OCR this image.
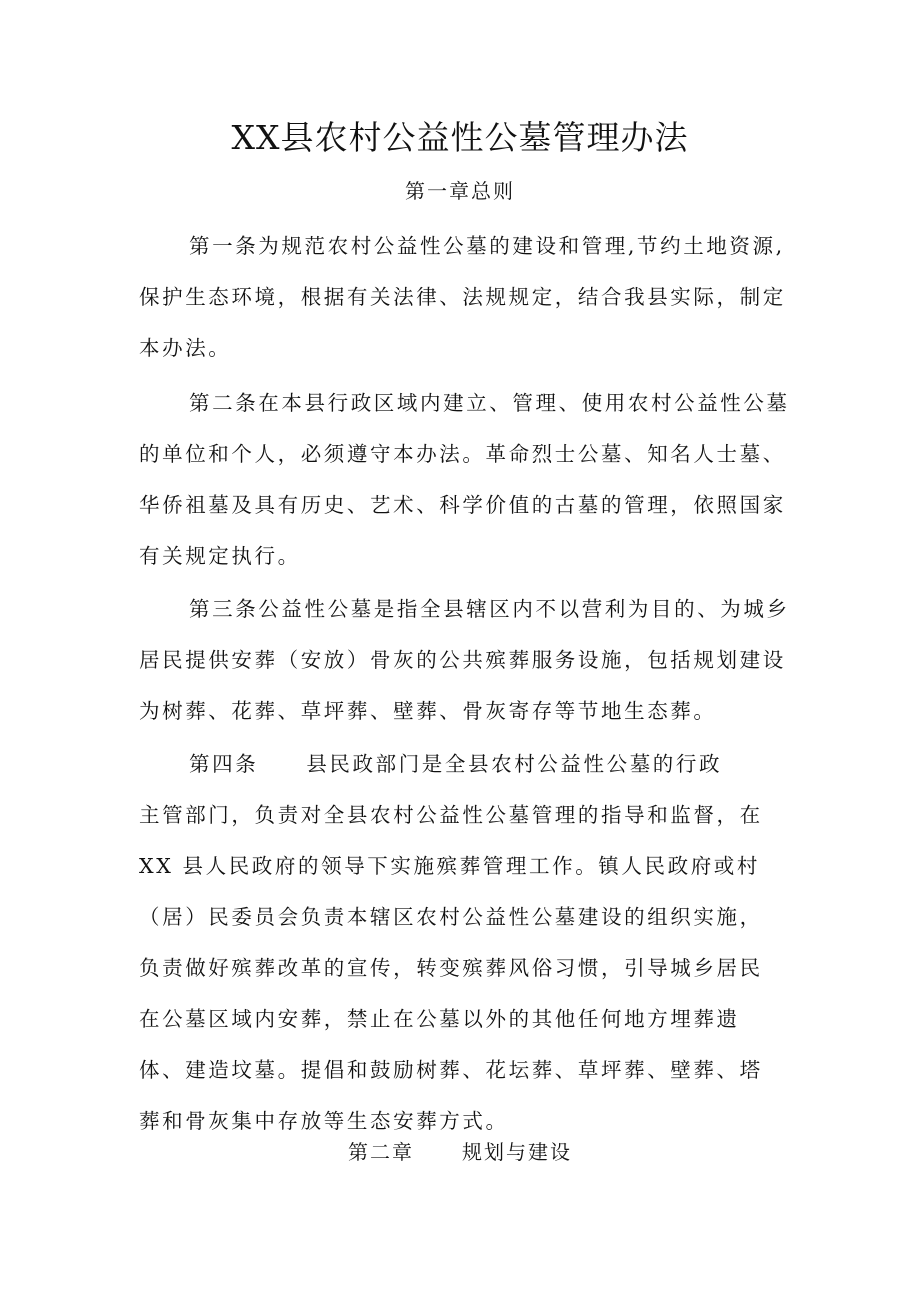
XX县农村公益性公墓管理办法
第一章总则
第一条为规范农村公益性公墓的建设和管理,节约土地资源,
保护生态环境，根据有关法律、法规规定，结合我县实际，制定
本办法。
第二条在本县行政区域内建立、管理、使用农村公益性公墓
的单位和个人，必须遵守本办法。革命烈士公墓、知名人士墓、
华侨祖墓及具有历史、艺术、科学价值的古墓的管理，依照国家
有关规定执行。
第三条公益性公墓是指全县辖区内不以营利为目的、为城乡
居民提供安葬（安放）骨灰的公共殡葬服务设施，包括规划建设
为树葬、花葬、草坪葬、壁葬、骨灰寄存等节地生态葬。
第四条 县民政部门是全县农村公益性公墓的行政
主管部门，负责对全县农村公益性公墓管理的指导和监督，在
XX 县人民政府的领导下实施殡葬管理工作。镇人民政府或村
（居）民委员会负责本辖区农村公益性公墓建设的组织实施，
负责做好殡葬改革的宣传，转变殡葬风俗习惯，引导城乡居民
在公墓区域内安葬，禁止在公墓以外的其他任何地方埋葬遗
体、建造坟墓。提倡和鼓励树葬、花坛葬、草坪葬、壁葬、塔
葬和骨灰集中存放等生态安葬方式。
第二章 规划与建设
